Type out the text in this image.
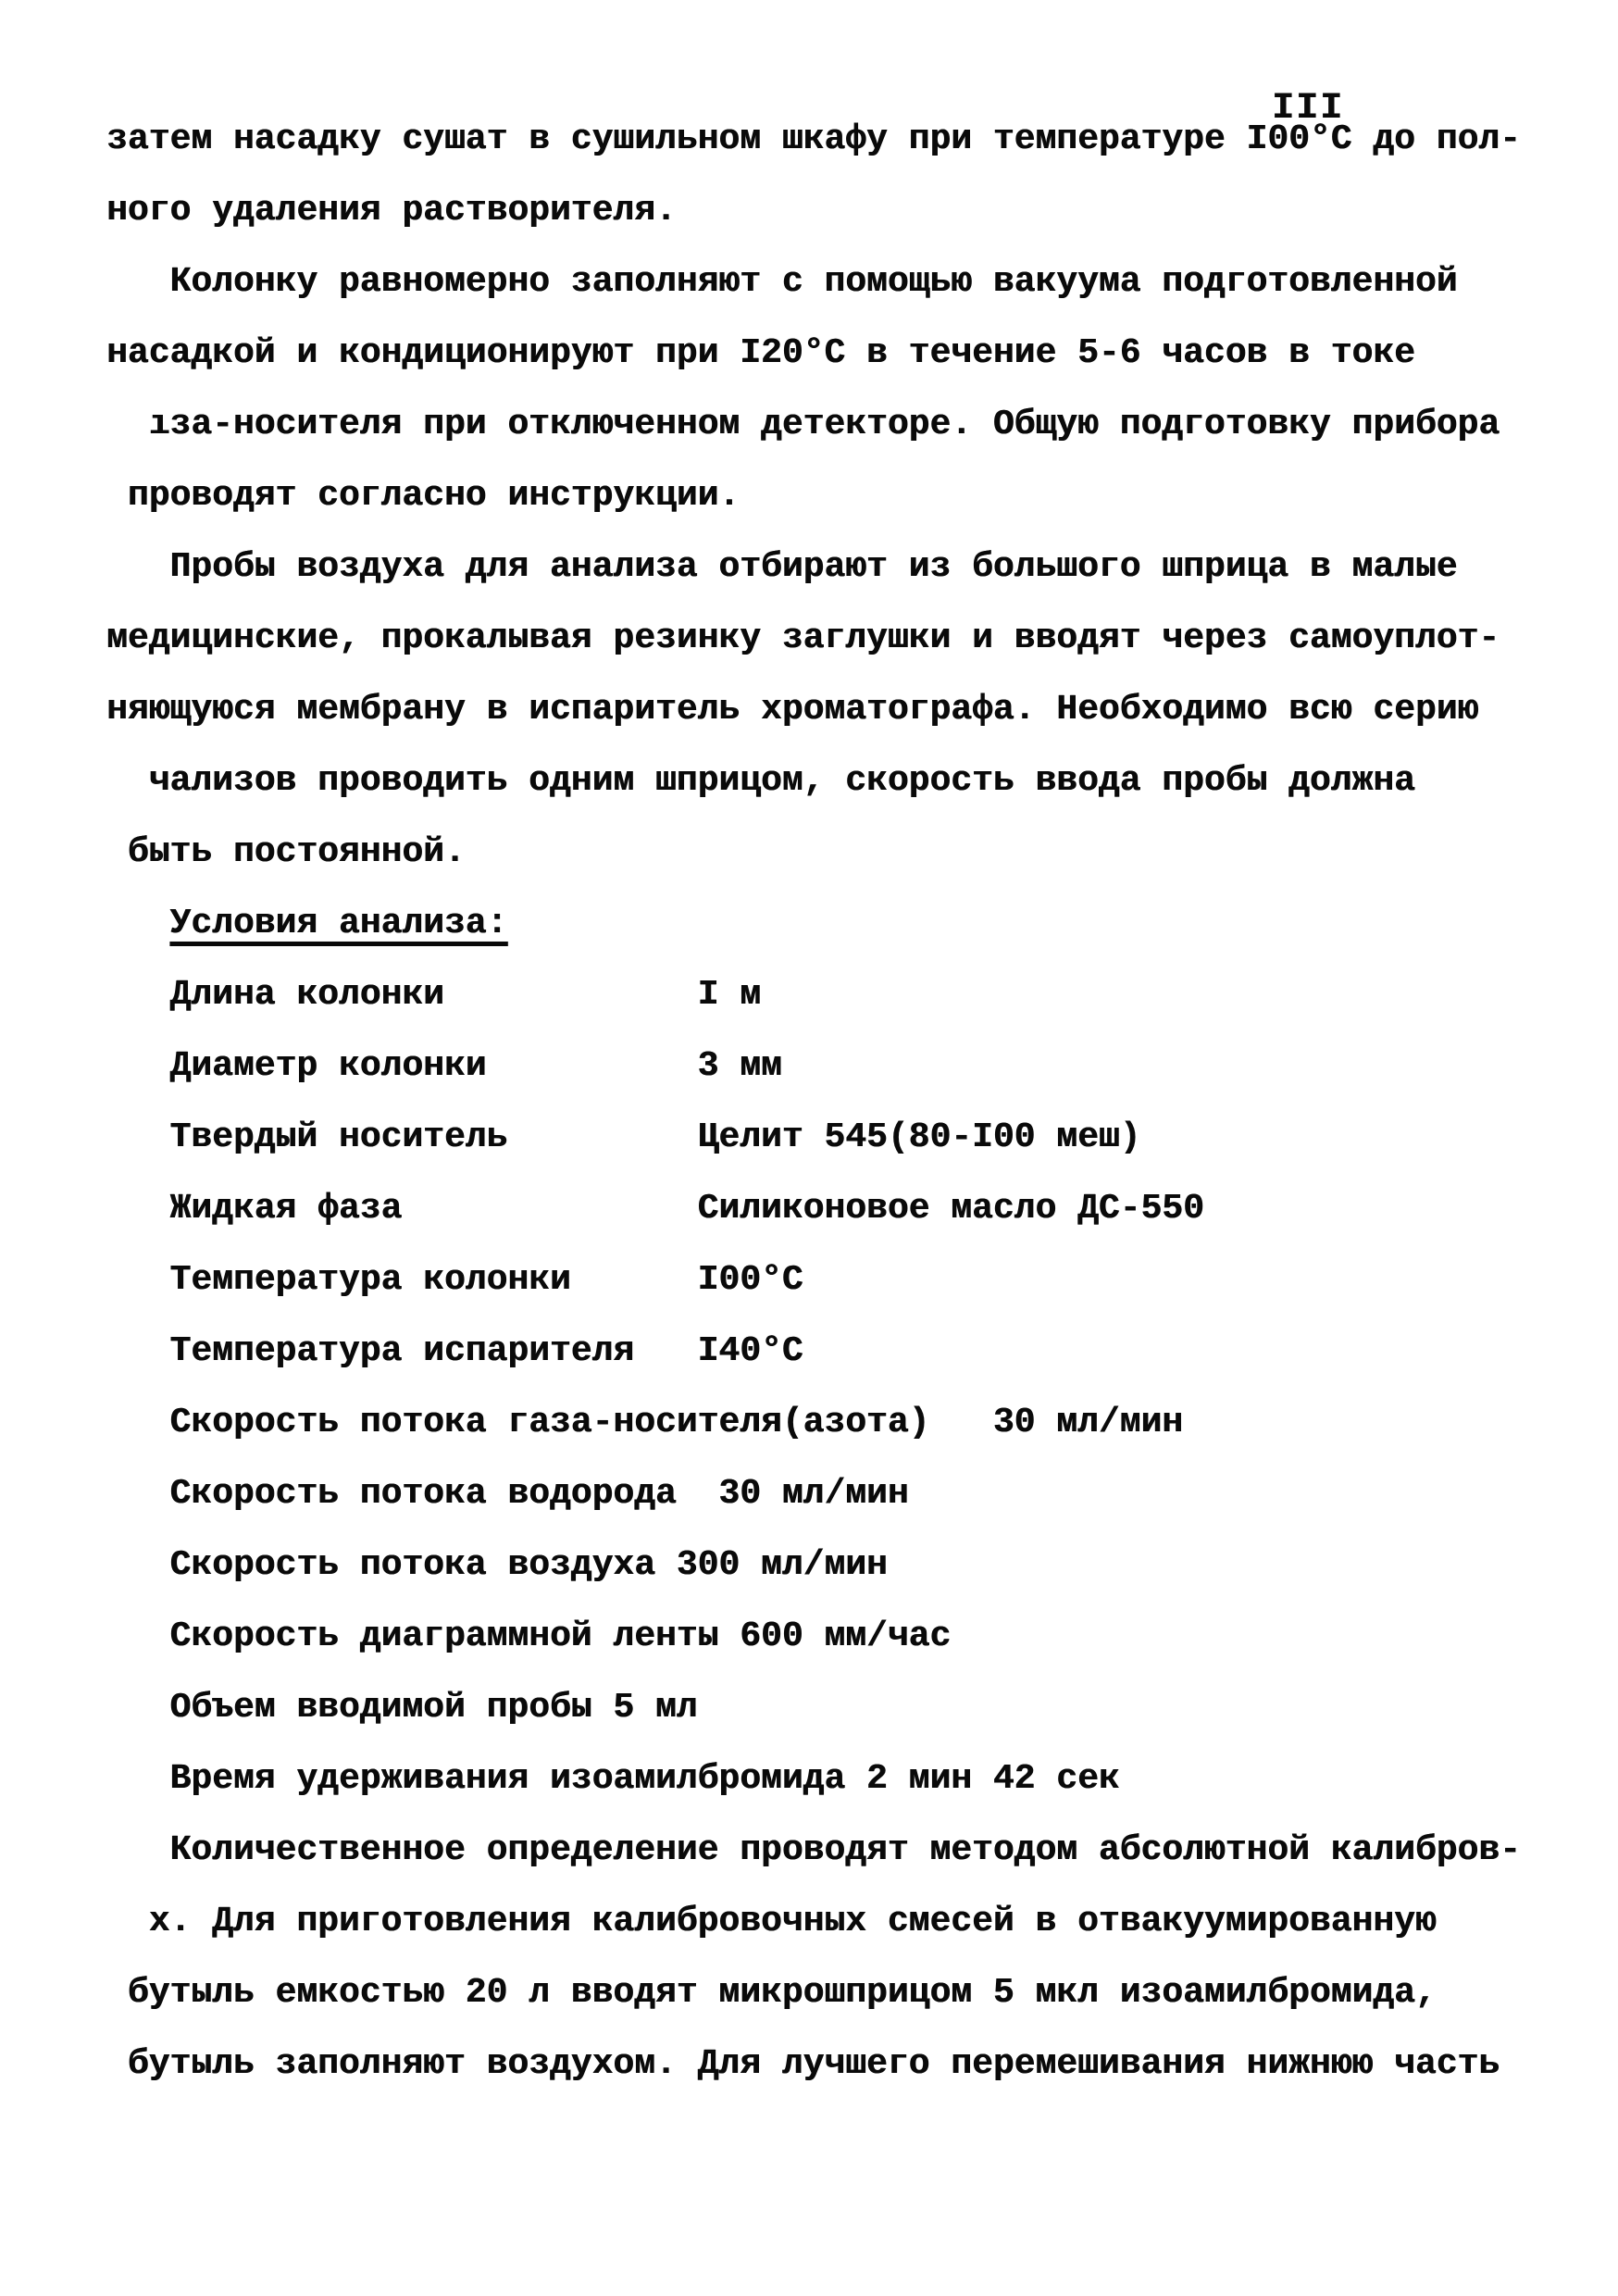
III
затем насадку сушат в сушильном шкафу при температуре I00°С до пол-
ного удаления растворителя.
Колонку равномерно заполняют с помощью вакуума подготовленной
насадкой и кондиционируют при I20°С в течение 5-6 часов в токе
ıза-носителя при отключенном детекторе. Общую подготовку прибора
проводят согласно инструкции.
Пробы воздуха для анализа отбирают из большого шприца в малые
медицинские, прокалывая резинку заглушки и вводят через самоуплот-
няющуюся мембрану в испаритель хроматографа. Необходимо всю серию
чализов проводить одним шприцом, скорость ввода пробы должна
быть постоянной.
Условия анализа:
Длина колонки            I м
Диаметр колонки          3 мм
Твердый носитель         Целит 545(80-I00 меш)
Жидкая фаза              Силиконовое масло ДС-550
Температура колонки      I00°С
Температура испарителя   I40°С
Скорость потока газа-носителя(азота)   30 мл/мин
Скорость потока водорода  30 мл/мин
Скорость потока воздуха 300 мл/мин
Скорость диаграммной ленты 600 мм/час
Объем вводимой пробы 5 мл
Время удерживания изоамилбромида 2 мин 42 сек
Количественное определение проводят методом абсолютной калибров-
х. Для приготовления калибровочных смесей в отвакуумированную
бутыль емкостью 20 л вводят микрошприцом 5 мкл изоамилбромида,
бутыль заполняют воздухом. Для лучшего перемешивания нижнюю часть
